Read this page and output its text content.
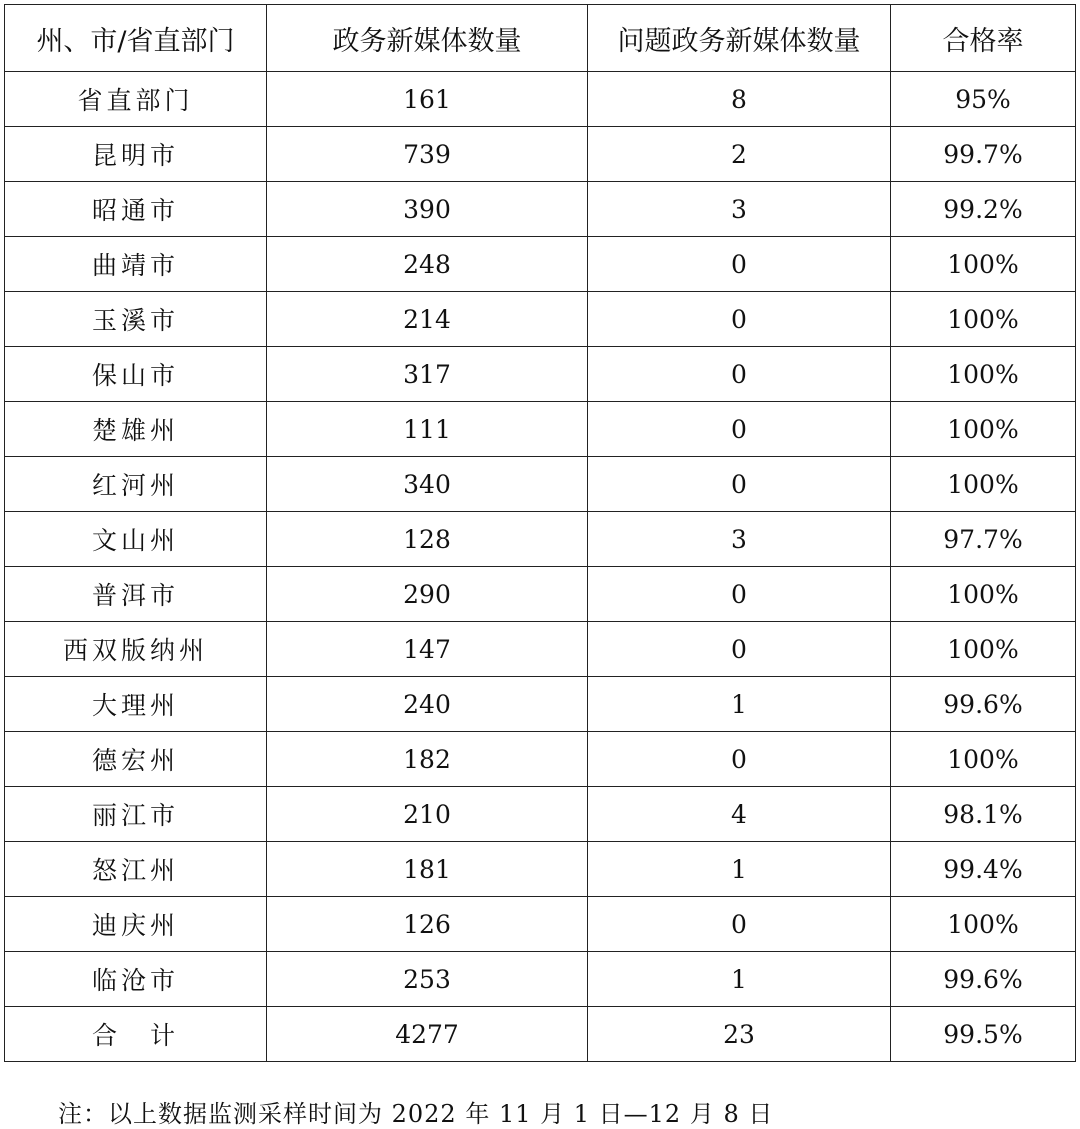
州、市/省直部门	政务新媒体数量	问题政务新媒体数量	合格率
省直部门	161	8	95%
昆明市	739	2	99.7%
昭通市	390	3	99.2%
曲靖市	248	0	100%
玉溪市	214	0	100%
保山市	317	0	100%
楚雄州	111	0	100%
红河州	340	0	100%
文山州	128	3	97.7%
普洱市	290	0	100%
西双版纳州	147	0	100%
大理州	240	1	99.6%
德宏州	182	0	100%
丽江市	210	4	98.1%
怒江州	181	1	99.4%
迪庆州	126	0	100%
临沧市	253	1	99.6%
合　计	4277	23	99.5%
注：以上数据监测采样时间为 2022 年 11 月 1 日—12 月 8 日
